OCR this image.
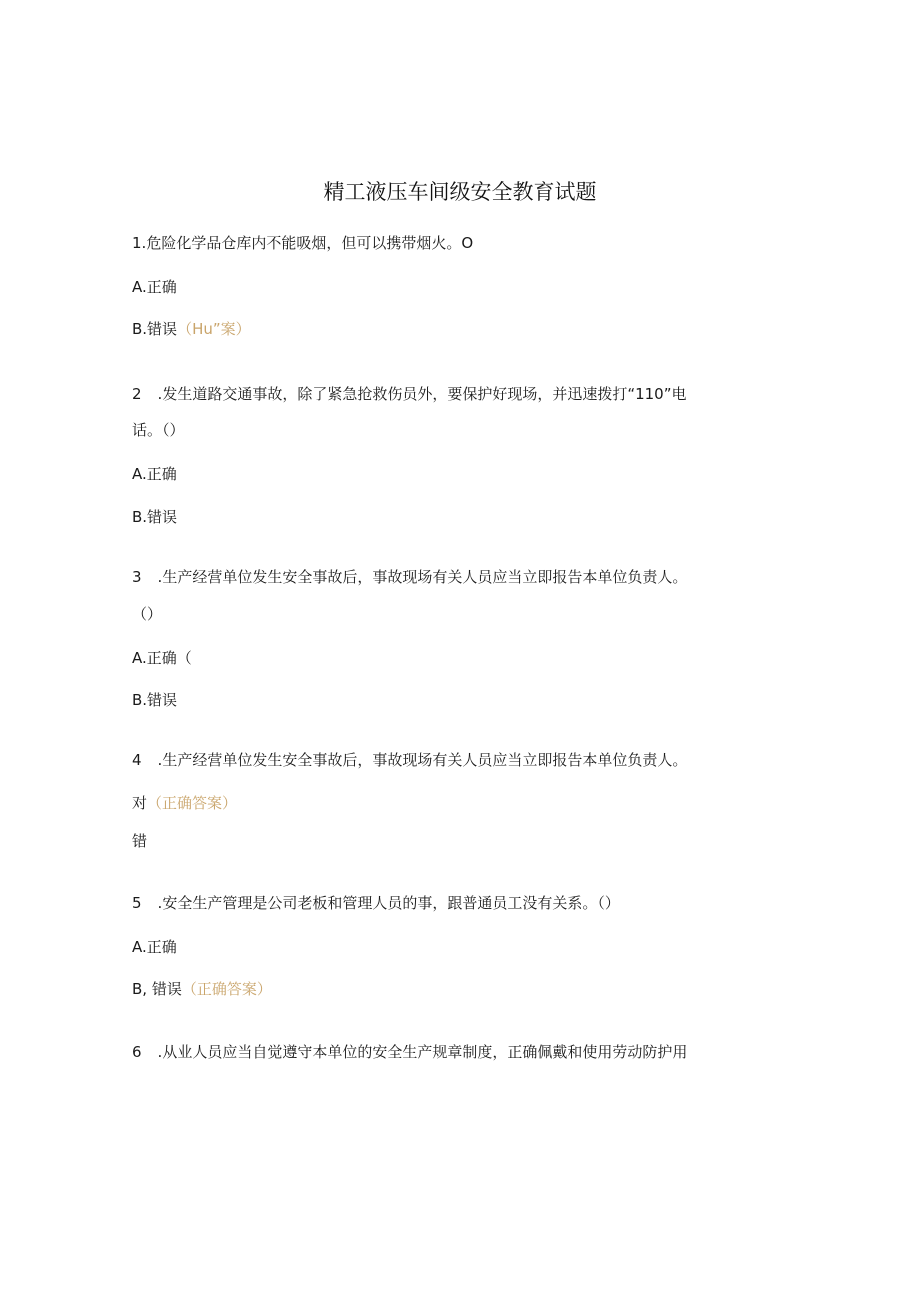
精工液压车间级安全教育试题
1.危险化学品仓库内不能吸烟，但可以携带烟火。O
A.正确
B.错误（Hu”案）
2 .发生道路交通事故，除了紧急抢救伤员外，要保护好现场，并迅速拨打“110”电
话。（）
A.正确
B.错误
3 .生产经营单位发生安全事故后，事故现场有关人员应当立即报告本单位负责人。
（）
A.正确（
B.错误
4 .生产经营单位发生安全事故后，事故现场有关人员应当立即报告本单位负责人。
对（正确答案）
错
5 .安全生产管理是公司老板和管理人员的事，跟普通员工没有关系。（）
A.正确
B, 错误（正确答案）
6 .从业人员应当自觉遵守本单位的安全生产规章制度，正确佩戴和使用劳动防护用
